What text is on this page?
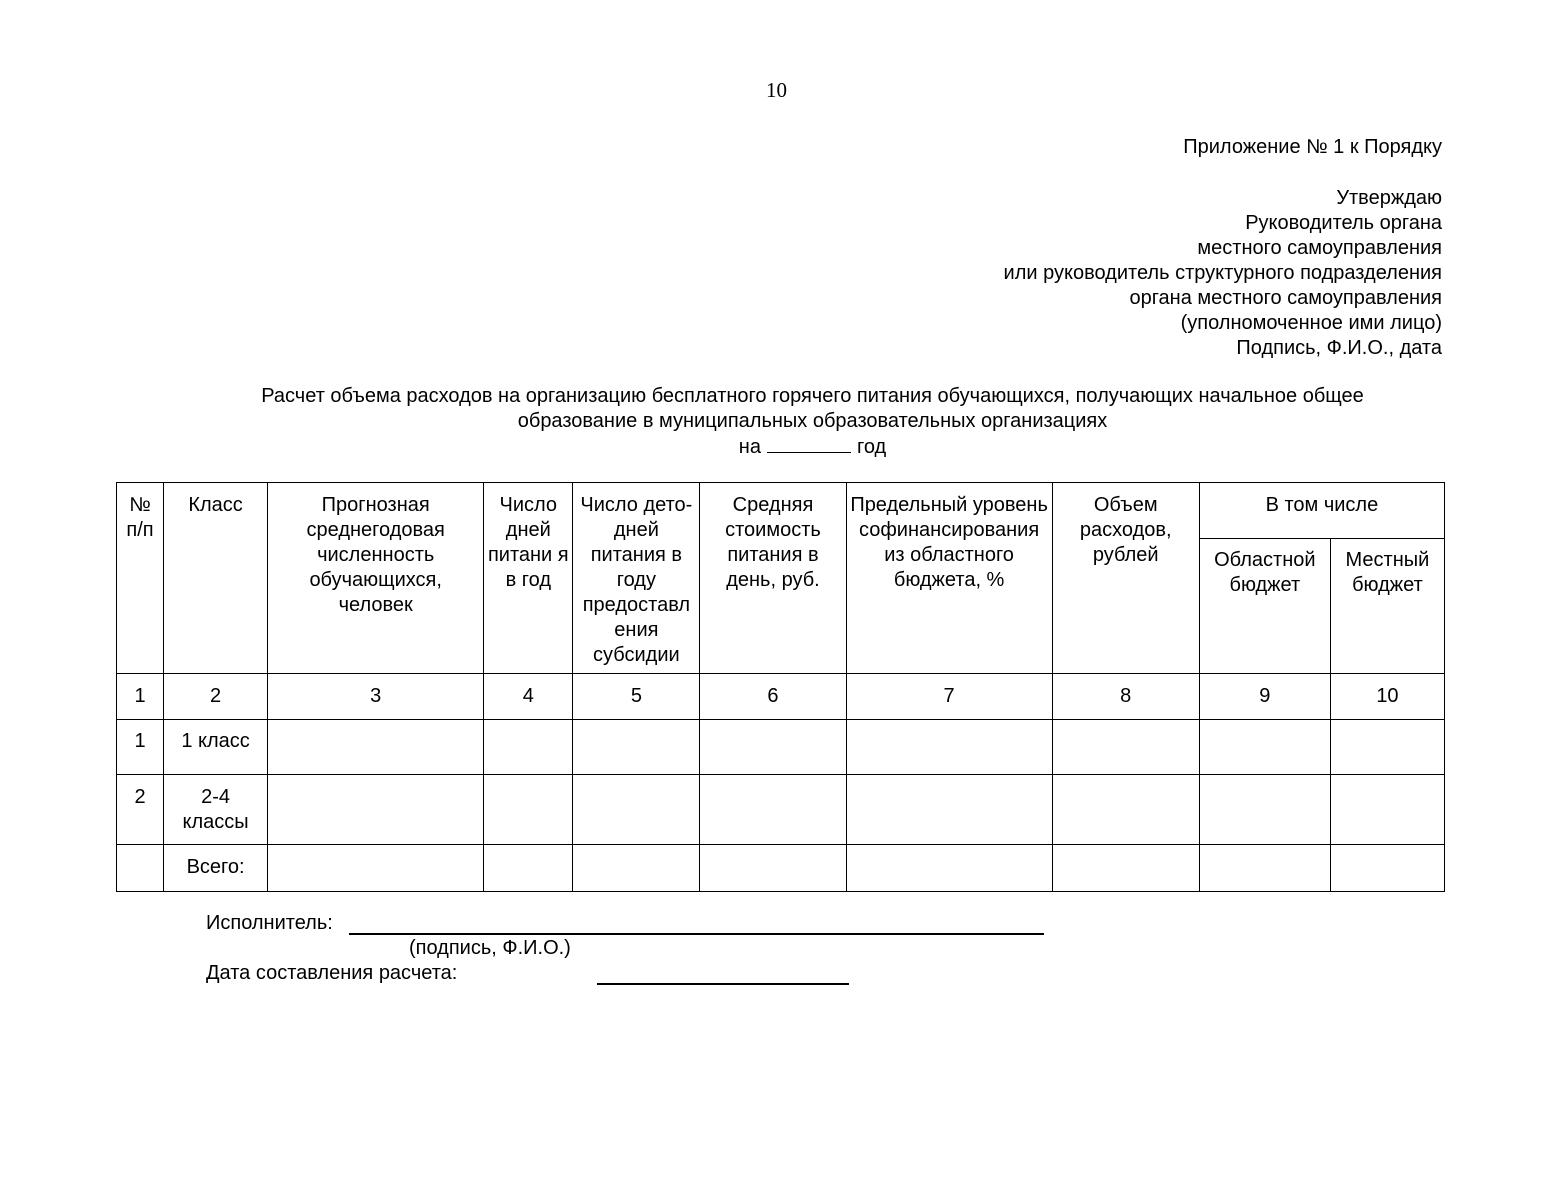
10
Приложение № 1 к Порядку
Утверждаю
Руководитель органа
местного самоуправления
или руководитель структурного подразделения
органа местного самоуправления
(уполномоченное ими лицо)
Подпись, Ф.И.О., дата
Расчет объема расходов на организацию бесплатного горячего питания обучающихся, получающих начальное общее
образование в муниципальных образовательных организациях
на	год
№ п/п	Класс	Прогнозная среднегодовая численность обучающихся, человек	Число дней питани я в год	Число дето-дней питания в году предоставл ения субсидии	Средняя стоимость питания в день, руб.	Предельный уровень софинансирования из областного бюджета, %	Объем расходов, рублей	В том числе	
								Областной бюджет	Местный бюджет
1	2	3	4	5	6	7	8	9	10
1	1 класс								
2	2-4 классы								
	Всего:								
Исполнитель:
(подпись, Ф.И.О.)
Дата составления расчета:
